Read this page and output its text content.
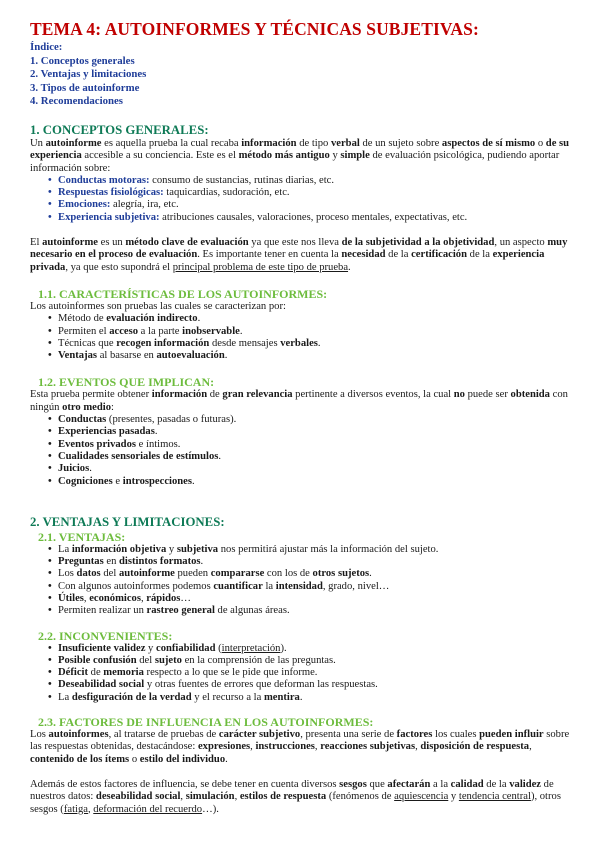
TEMA 4: AUTOINFORMES Y TÉCNICAS SUBJETIVAS:
Índice:
1. Conceptos generales
2. Ventajas y limitaciones
3. Tipos de autoinforme
4. Recomendaciones
1. CONCEPTOS GENERALES:

Un autoinforme es aquella prueba la cual recaba información de tipo verbal de un sujeto sobre aspectos de sí mismo o de su experiencia accesible a su conciencia. Este es el método más antiguo y simple de evaluación psicológica, pudiendo aportar información sobre:

• Conductas motoras: consumo de sustancias, rutinas diarias, etc.
• Respuestas fisiológicas: taquicardias, sudoración, etc.
• Emociones: alegría, ira, etc.
• Experiencia subjetiva: atribuciones causales, valoraciones, proceso mentales, expectativas, etc.

El autoinforme es un método clave de evaluación ya que este nos lleva de la subjetividad a la objetividad, un aspecto muy necesario en el proceso de evaluación. Es importante tener en cuenta la necesidad de la certificación de la experiencia privada, ya que esto supondrá el principal problema de este tipo de prueba.

1.1. CARACTERÍSTICAS DE LOS AUTOINFORMES:

Los autoinformes son pruebas las cuales se caracterizan por:

• Método de evaluación indirecto.
• Permiten el acceso a la parte inobservable.
• Técnicas que recogen información desde mensajes verbales.
• Ventajas al basarse en autoevaluación.
1.2. EVENTOS QUE IMPLICAN:

Esta prueba permite obtener información de gran relevancia pertinente a diversos eventos, la cual no puede ser obtenida con ningún otro medio:

• Conductas (presentes, pasadas o futuras).
• Experiencias pasadas.
• Eventos privados e íntimos.
• Cualidades sensoriales de estímulos.
• Juicios.
• Cogniciones e introspecciones.
2. VENTAJAS Y LIMITACIONES:
2.1. VENTAJAS:
• La información objetiva y subjetiva nos permitirá ajustar más la información del sujeto.
• Preguntas en distintos formatos.
• Los datos del autoinforme pueden compararse con los de otros sujetos.
• Con algunos autoinformes podemos cuantificar la intensidad, grado, nivel…
• Útiles, económicos, rápidos…
• Permiten realizar un rastreo general de algunas áreas.
2.2. INCONVENIENTES:
• Insuficiente validez y confiabilidad (interpretación).
• Posible confusión del sujeto en la comprensión de las preguntas.
• Déficit de memoria respecto a lo que se le pide que informe.
• Deseabilidad social y otras fuentes de errores que deforman las respuestas.
• La desfiguración de la verdad y el recurso a la mentira.
2.3. FACTORES DE INFLUENCIA EN LOS AUTOINFORMES:

Los autoinformes, al tratarse de pruebas de carácter subjetivo, presenta una serie de factores los cuales pueden influir sobre las respuestas obtenidas, destacándose: expresiones, instrucciones, reacciones subjetivas, disposición de respuesta, contenido de los ítems o estilo del individuo.

Además de estos factores de influencia, se debe tener en cuenta diversos sesgos que afectarán a la calidad de la validez de nuestros datos: deseabilidad social, simulación, estilos de respuesta (fenómenos de aquiescencia y tendencia central), otros sesgos (fatiga, deformación del recuerdo…).
